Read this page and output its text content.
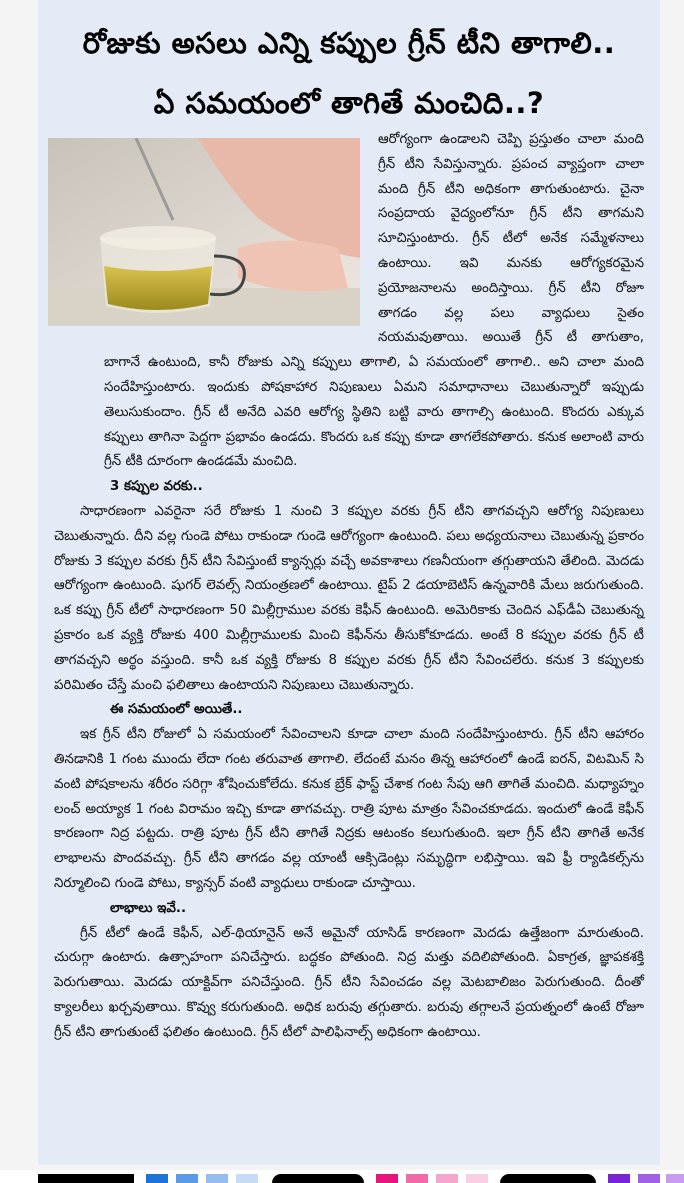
రోజుకు అసలు ఎన్ని కప్పుల గ్రీన్ టీని తాగాలి..
ఏ సమయంలో తాగితే మంచిది..?

ఆరోగ్యంగా ఉండాలని చెప్పి ప్రస్తుతం చాలా మంది గ్రీన్ టీని సేవిస్తున్నారు. ప్రపంచ వ్యాప్తంగా చాలా మంది గ్రీన్ టీని అధికంగా తాగుతుంటారు. చైనా సంప్రదాయ వైద్యంలోనూ గ్రీన్ టీని తాగమని సూచిస్తుంటారు. గ్రీన్ టీలో అనేక సమ్మేళనాలు ఉంటాయి. ఇవి మనకు ఆరోగ్యకరమైన ప్రయోజనాలను అందిస్తాయి. గ్రీన్ టీని రోజూ తాగడం వల్ల పలు వ్యాధులు సైతం నయమవుతాయి. అయితే గ్రీన్ టీ తాగుతాం, బాగానే ఉంటుంది, కానీ రోజుకు ఎన్ని కప్పులు తాగాలి, ఏ సమయంలో తాగాలి.. అని చాలా మంది సందేహిస్తుంటారు. ఇందుకు పోషకాహార నిపుణులు ఏమని సమాధానాలు చెబుతున్నారో ఇప్పుడు తెలుసుకుందాం. గ్రీన్ టీ అనేది ఎవరి ఆరోగ్య స్థితిని బట్టి వారు తాగాల్సి ఉంటుంది. కొందరు ఎక్కువ కప్పులు తాగినా పెద్దగా ప్రభావం ఉండదు. కొందరు ఒక కప్పు కూడా తాగలేకపోతారు. కనుక అలాంటి వారు గ్రీన్ టీకి దూరంగా ఉండడమే మంచిది.

3 కప్పుల వరకు..

సాధారణంగా ఎవరైనా సరే రోజుకు 1 నుంచి 3 కప్పుల వరకు గ్రీన్ టీని తాగవచ్చని ఆరోగ్య నిపుణులు చెబుతున్నారు. దీని వల్ల గుండె పోటు రాకుండా గుండె ఆరోగ్యంగా ఉంటుంది. పలు అధ్యయనాలు చెబుతున్న ప్రకారం రోజుకు 3 కప్పుల వరకు గ్రీన్ టీని సేవిస్తుంటే క్యాన్సర్లు వచ్చే అవకాశాలు గణనీయంగా తగ్గుతాయని తేలింది. మెదడు ఆరోగ్యంగా ఉంటుంది. షుగర్ లెవల్స్ నియంత్రణలో ఉంటాయి. టైప్ 2 డయాబెటిస్ ఉన్నవారికి మేలు జరుగుతుంది. ఒక కప్పు గ్రీన్ టీలో సాధారణంగా 50 మిల్లీగ్రాముల వరకు కెఫీన్ ఉంటుంది. అమెరికాకు చెందిన ఎఫ్‌డీఏ చెబుతున్న ప్రకారం ఒక వ్యక్తి రోజుకు 400 మిల్లీగ్రాములకు మించి కెఫీన్‌ను తీసుకోకూడదు. అంటే 8 కప్పుల వరకు గ్రీన్ టీ తాగవచ్చని అర్థం వస్తుంది. కానీ ఒక వ్యక్తి రోజుకు 8 కప్పుల వరకు గ్రీన్ టీని సేవించలేరు. కనుక 3 కప్పులకు పరిమితం చేస్తే మంచి ఫలితాలు ఉంటాయని నిపుణులు చెబుతున్నారు.

ఈ సమయంలో అయితే..

ఇక గ్రీన్ టీని రోజులో ఏ సమయంలో సేవించాలని కూడా చాలా మంది సందేహిస్తుంటారు. గ్రీన్ టీని ఆహారం తినడానికి 1 గంట ముందు లేదా గంట తరువాత తాగాలి. లేదంటే మనం తిన్న ఆహారంలో ఉండే ఐరన్, విటమిన్ సి వంటి పోషకాలను శరీరం సరిగ్గా శోషించుకోలేదు. కనుక బ్రేక్ ఫాస్ట్ చేశాక గంట సేపు ఆగి తాగితే మంచిది. మధ్యాహ్నం లంచ్ అయ్యాక 1 గంట విరామం ఇచ్చి కూడా తాగవచ్చు. రాత్రి పూట మాత్రం సేవించకూడదు. ఇందులో ఉండే కెఫీన్ కారణంగా నిద్ర పట్టదు. రాత్రి పూట గ్రీన్ టీని తాగితే నిద్రకు ఆటంకం కలుగుతుంది. ఇలా గ్రీన్ టీని తాగితే అనేక లాభాలను పొందవచ్చు. గ్రీన్ టీని తాగడం వల్ల యాంటీ ఆక్సిడెంట్లు సమృద్ధిగా లభిస్తాయి. ఇవి ఫ్రీ ర్యాడికల్స్‌ను నిర్మూలించి గుండె పోటు, క్యాన్సర్ వంటి వ్యాధులు రాకుండా చూస్తాయి.

లాభాలు ఇవే..

గ్రీన్ టీలో ఉండే కెఫీన్, ఎల్-థియానైన్ అనే అమైనో యాసిడ్ కారణంగా మెదడు ఉత్తేజంగా మారుతుంది. చురుగ్గా ఉంటారు. ఉత్సాహంగా పనిచేస్తారు. బద్ధకం పోతుంది. నిద్ర మత్తు వదిలిపోతుంది. ఏకాగ్రత, జ్ఞాపకశక్తి పెరుగుతాయి. మెదడు యాక్టివ్‌గా పనిచేస్తుంది. గ్రీన్ టీని సేవించడం వల్ల మెటబాలిజం పెరుగుతుంది. దీంతో క్యాలరీలు ఖర్చవుతాయి. కొవ్వు కరుగుతుంది. అధిక బరువు తగ్గుతారు. బరువు తగ్గాలనే ప్రయత్నంలో ఉంటే రోజూ గ్రీన్ టీని తాగుతుంటే ఫలితం ఉంటుంది. గ్రీన్ టీలో పాలిఫినాల్స్ అధికంగా ఉంటాయి.
